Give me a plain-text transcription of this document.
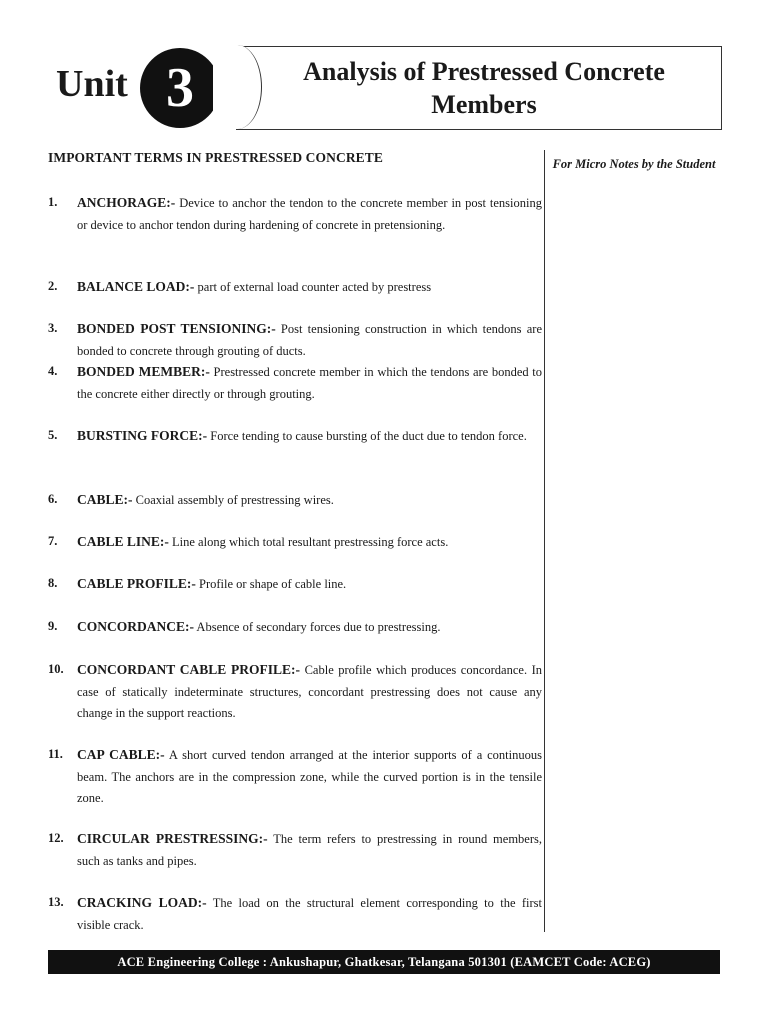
Unit 3	Analysis of Prestressed Concrete
Members
IMPORTANT TERMS IN PRESTRESSED CONCRETE	For Micro Notes by the Student
1.	ANCHORAGE:- Device to anchor the tendon to the concrete member in post tensioning or device to anchor tendon during hardening of concrete in pretensioning.
2.	BALANCE LOAD:- part of external load counter acted by prestress
3.	BONDED POST TENSIONING:- Post tensioning construction in which tendons are bonded to concrete through grouting of ducts.
4.	BONDED MEMBER:- Prestressed concrete member in which the tendons are bonded to the concrete either directly or through grouting.
5.	BURSTING FORCE:- Force tending to cause bursting of the duct due to tendon force.
6.	CABLE:- Coaxial assembly of prestressing wires.
7.	CABLE LINE:- Line along which total resultant prestressing force acts.
8.	CABLE PROFILE:- Profile or shape of cable line.
9.	CONCORDANCE:- Absence of secondary forces due to prestressing.
10. CONCORDANT CABLE PROFILE:- Cable profile which produces concordance. In case of statically indeterminate structures, concordant prestressing does not cause any change in the support reactions.
11.	CAP CABLE:- A short curved tendon arranged at the interior supports of a continuous beam. The anchors are in the compression zone, while the curved portion is in the tensile zone.
12. CIRCULAR PRESTRESSING:- The term refers to prestressing in round members, such as tanks and pipes.
13. CRACKING LOAD:- The load on the structural element corresponding to the first visible crack.
ACE Engineering College : Ankushapur, Ghatkesar, Telangana 501301 (EAMCET Code: ACEG)
